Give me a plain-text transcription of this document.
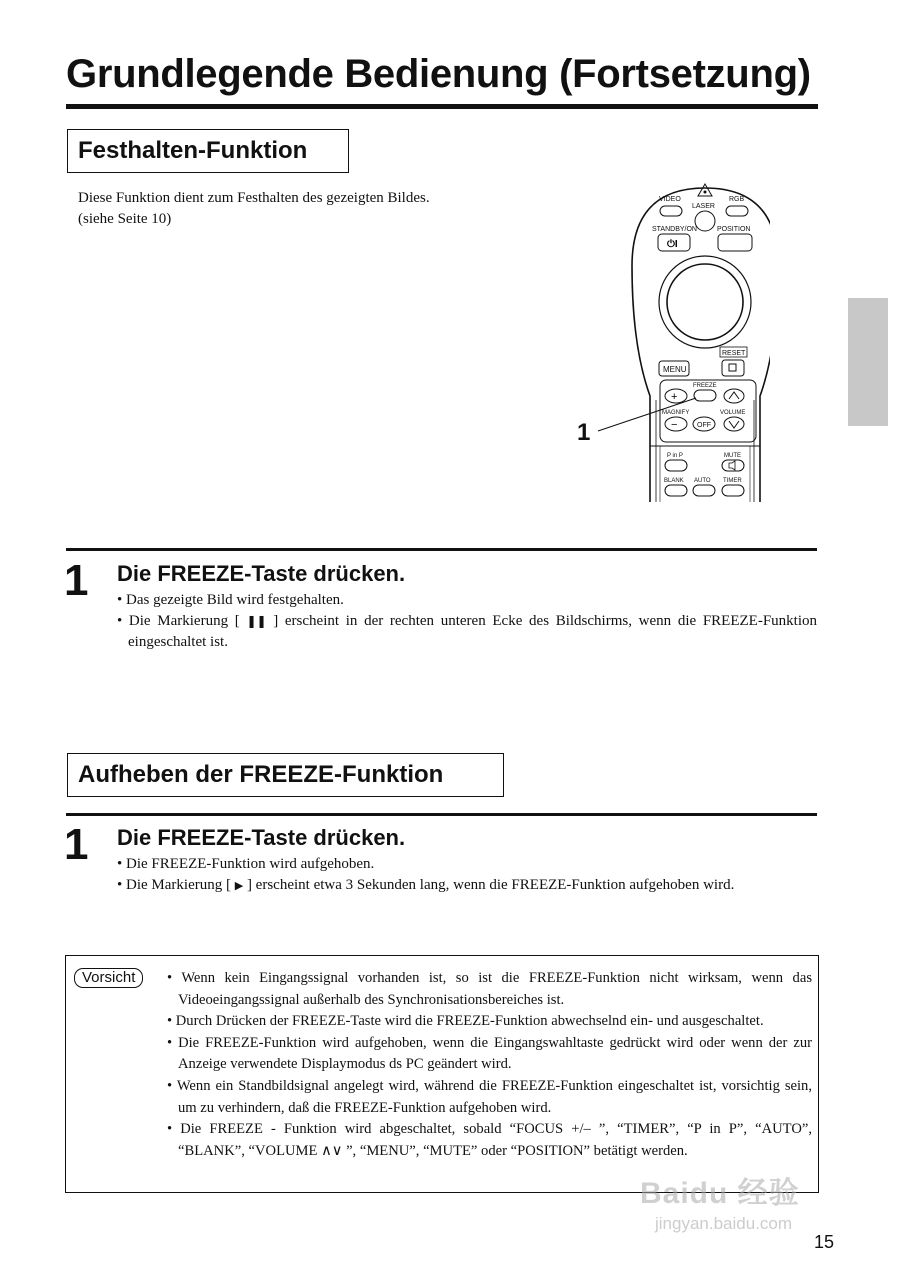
Grundlegende Bedienung (Fortsetzung)
Festhalten-Funktion
Diese Funktion dient zum Festhalten des gezeigten Bildes.
(siehe Seite 10)
VIDEO	RGB
LASER
STANDBY/ON
⏻I
POSITION
RESET
MENU
FREEZE
+
MAGNIFY	VOLUME
−	OFF
P in P	MUTE
BLANK AUTO TIMER
1
1 Die FREEZE-Taste drücken.
• Das gezeigte Bild wird festgehalten.
• Die Markierung [ ❚❚ ] erscheint in der rechten unteren Ecke des Bildschirms, wenn die FREEZE-Funktion eingeschaltet ist.
Aufheben der FREEZE-Funktion
1 Die FREEZE-Taste drücken.
• Die FREEZE-Funktion wird aufgehoben.
• Die Markierung [ ▶ ] erscheint etwa 3 Sekunden lang, wenn die FREEZE-Funktion aufgehoben wird.
Vorsicht	• Wenn kein Eingangssignal vorhanden ist, so ist die FREEZE-Funktion nicht wirksam, wenn das Videoeingangssignal außerhalb des Synchronisationsbereiches ist.
• Durch Drücken der FREEZE-Taste wird die FREEZE-Funktion abwechselnd ein- und ausgeschaltet.
• Die FREEZE-Funktion wird aufgehoben, wenn die Eingangswahltaste gedrückt wird oder wenn der zur Anzeige verwendete Displaymodus ds PC geändert wird.
• Wenn ein Standbildsignal angelegt wird, während die FREEZE-Funktion eingeschaltet ist, vorsichtig sein, um zu verhindern, daß die FREEZE-Funktion aufgehoben wird.
• Die FREEZE - Funktion wird abgeschaltet, sobald “FOCUS +/– ”, “TIMER”, “P in P”, “AUTO”, “BLANK”, “VOLUME ∧∨ ”, “MENU”, “MUTE” oder “POSITION” betätigt werden.
Baidu 经验
jingyan.baidu.com
15
